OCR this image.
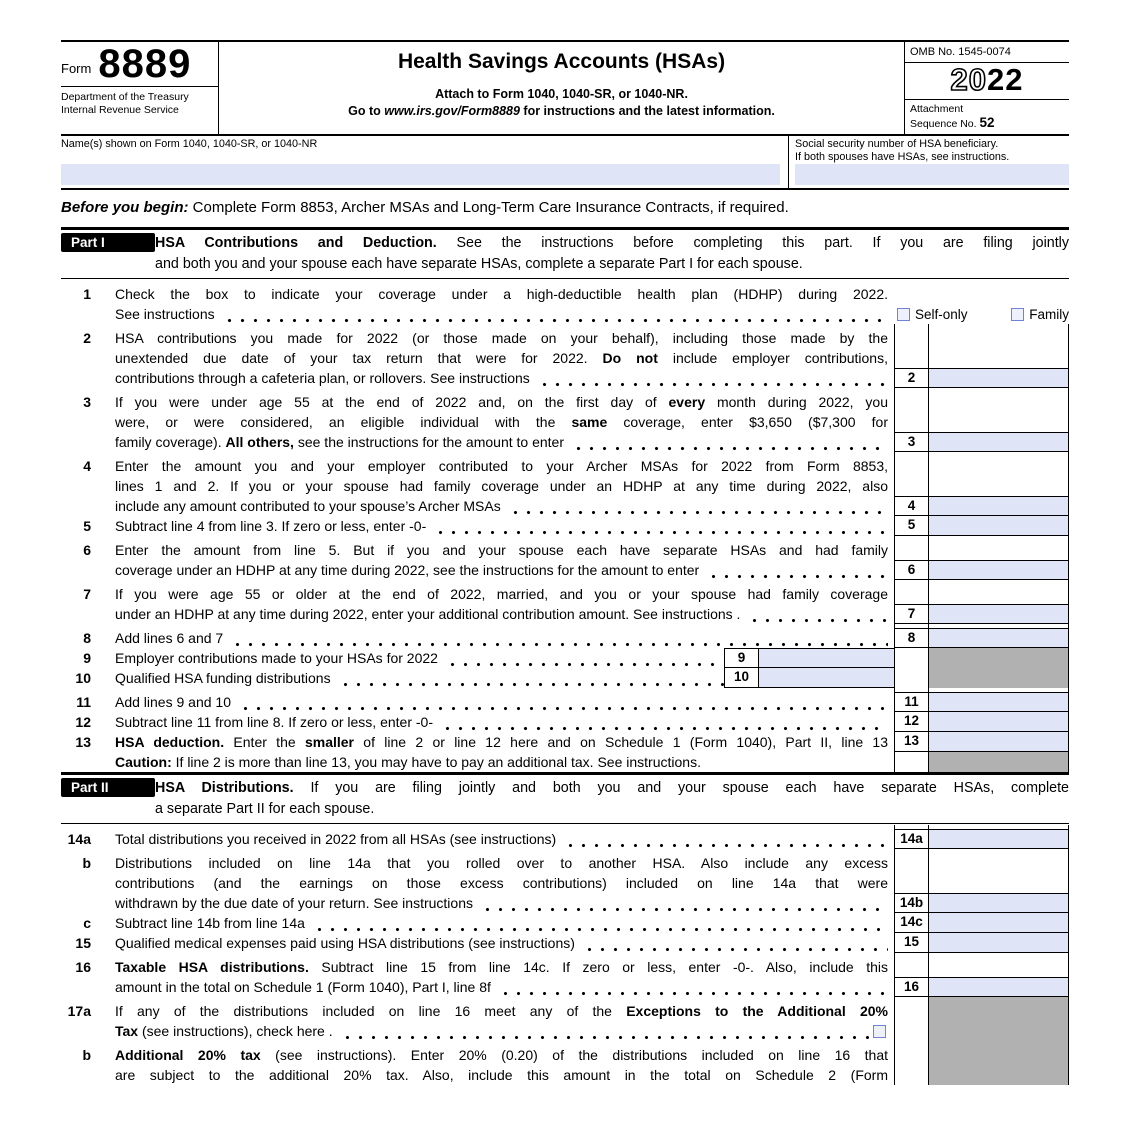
Form 8889
Department of the Treasury
Internal Revenue Service
Health Savings Accounts (HSAs)
Attach to Form 1040, 1040-SR, or 1040-NR.
Go to www.irs.gov/Form8889 for instructions and the latest information.
OMB No. 1545-0074
2022
Attachment
Sequence No. 52
Name(s) shown on Form 1040, 1040-SR, or 1040-NR	Social security number of HSA beneficiary.
If both spouses have HSAs, see instructions.
Before you begin: Complete Form 8853, Archer MSAs and Long-Term Care Insurance Contracts, if required.
Part I	HSA Contributions and Deduction. See the instructions before completing this part. If you are filing jointly
and both you and your spouse each have separate HSAs, complete a separate Part I for each spouse.
1	Check the box to indicate your coverage under a high-deductible health plan (HDHP) during 2022.
See instructions	Self-only	Family
2	HSA contributions you made for 2022 (or those made on your behalf), including those made by the
unextended due date of your tax return that were for 2022. Do not include employer contributions,
contributions through a cafeteria plan, or rollovers. See instructions	2
3	If you were under age 55 at the end of 2022 and, on the first day of every month during 2022, you
were, or were considered, an eligible individual with the same coverage, enter $3,650 ($7,300 for
family coverage). All others, see the instructions for the amount to enter	3
4	Enter the amount you and your employer contributed to your Archer MSAs for 2022 from Form 8853,
lines 1 and 2. If you or your spouse had family coverage under an HDHP at any time during 2022, also
include any amount contributed to your spouse’s Archer MSAs	4
5	Subtract line 4 from line 3. If zero or less, enter -0-	5
6	Enter the amount from line 5. But if you and your spouse each have separate HSAs and had family
coverage under an HDHP at any time during 2022, see the instructions for the amount to enter	6
7	If you were age 55 or older at the end of 2022, married, and you or your spouse had family coverage
under an HDHP at any time during 2022, enter your additional contribution amount. See instructions .	7
8	Add lines 6 and 7	8
9	Employer contributions made to your HSAs for 2022	9
10	Qualified HSA funding distributions	10
11	Add lines 9 and 10	11
12	Subtract line 11 from line 8. If zero or less, enter -0-	12
13	HSA deduction. Enter the smaller of line 2 or line 12 here and on Schedule 1 (Form 1040), Part II, line 13	13
Caution: If line 2 is more than line 13, you may have to pay an additional tax. See instructions.
Part II	HSA Distributions. If you are filing jointly and both you and your spouse each have separate HSAs, complete
a separate Part II for each spouse.
14a	Total distributions you received in 2022 from all HSAs (see instructions)	14a
b	Distributions included on line 14a that you rolled over to another HSA. Also include any excess
contributions (and the earnings on those excess contributions) included on line 14a that were
withdrawn by the due date of your return. See instructions	14b
c	Subtract line 14b from line 14a	14c
15	Qualified medical expenses paid using HSA distributions (see instructions)	15
16	Taxable HSA distributions. Subtract line 15 from line 14c. If zero or less, enter -0-. Also, include this
amount in the total on Schedule 1 (Form 1040), Part I, line 8f	16
17a	If any of the distributions included on line 16 meet any of the Exceptions to the Additional 20%
Tax (see instructions), check here .
b	Additional 20% tax (see instructions). Enter 20% (0.20) of the distributions included on line 16 that
are subject to the additional 20% tax. Also, include this amount in the total on Schedule 2 (Form
